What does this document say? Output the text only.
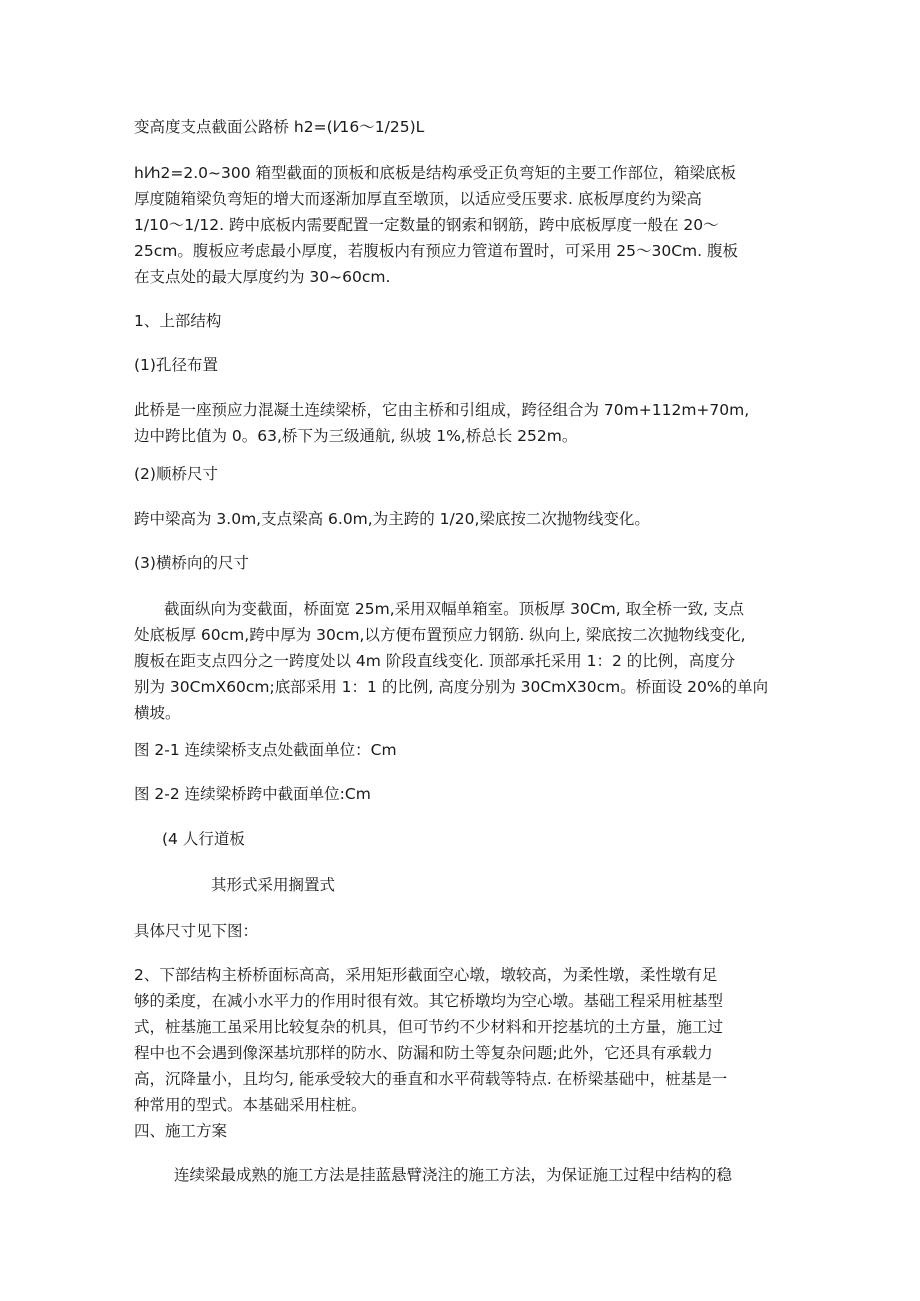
变高度支点截面公路桥 h2=(l⁄16～1/25)L

hl⁄h2=2.0~300 箱型截面的顶板和底板是结构承受正负弯矩的主要工作部位，箱梁底板
厚度随箱梁负弯矩的增大而逐渐加厚直至墩顶，以适应受压要求. 底板厚度约为梁高
1/10～1/12. 跨中底板内需要配置一定数量的钢索和钢筋，跨中底板厚度一般在 20～
25cm。腹板应考虑最小厚度，若腹板内有预应力管道布置时，可采用 25～30Cm. 腹板
在支点处的最大厚度约为 30~60cm.

1、上部结构

(1)孔径布置

此桥是一座预应力混凝土连续梁桥，它由主桥和引组成，跨径组合为 70m+112m+70m,
边中跨比值为 0。63,桥下为三级通航, 纵坡 1%,桥总长 252m。

(2)顺桥尺寸

跨中梁高为 3.0m,支点梁高 6.0m,为主跨的 1/20,梁底按二次抛物线变化。

(3)横桥向的尺寸

截面纵向为变截面，桥面宽 25m,采用双幅单箱室。顶板厚 30Cm, 取全桥一致, 支点
处底板厚 60cm,跨中厚为 30cm,以方便布置预应力钢筋. 纵向上, 梁底按二次抛物线变化,
腹板在距支点四分之一跨度处以 4m 阶段直线变化. 顶部承托采用 1：2 的比例，高度分
别为 30CmX60cm;底部采用 1：1 的比例, 高度分别为 30CmX30cm。桥面设 20%的单向
横坡。

图 2-1 连续梁桥支点处截面单位：Cm

图 2-2 连续梁桥跨中截面单位:Cm

(4 人行道板

其形式采用搁置式

具体尺寸见下图：

2、下部结构主桥桥面标高高，采用矩形截面空心墩，墩较高，为柔性墩，柔性墩有足
够的柔度，在减小水平力的作用时很有效。其它桥墩均为空心墩。基础工程采用桩基型
式，桩基施工虽采用比较复杂的机具，但可节约不少材料和开挖基坑的土方量，施工过
程中也不会遇到像深基坑那样的防水、防漏和防土等复杂问题;此外，它还具有承载力
高，沉降量小，且均匀, 能承受较大的垂直和水平荷载等特点. 在桥梁基础中，桩基是一
种常用的型式。本基础采用柱桩。

四、施工方案

连续梁最成熟的施工方法是挂蓝悬臂浇注的施工方法，为保证施工过程中结构的稳
